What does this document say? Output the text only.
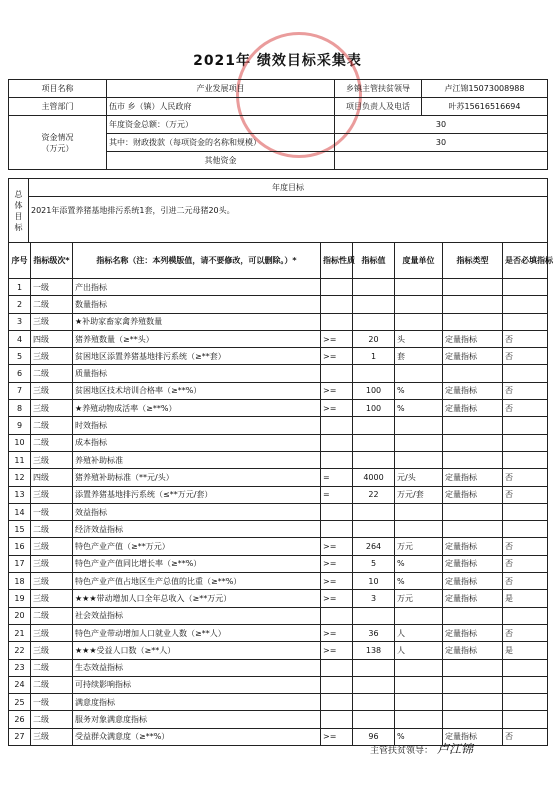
2021年 绩效目标采集表
项目名称	产业发展项目	乡镇主管扶贫领导	卢江锦15073008988
主管部门	伍市 乡（镇）人民政府	项目负责人及电话	叶苏15616516694
资金情况
（万元）	年度资金总额：（万元）	30	
	其中：财政拨款（每项资金的名称和规模）	30	
	其他资金		
总体目标	年度目标
2021年添置养猪基地排污系统1套，引进二元母猪20头。
序号	指标级次*	指标名称（注：本列模版值，请不要修改，可以删除。）*	指标性质	指标值	度量单位	指标类型	是否必填指标
1	一级	产出指标					
2	二级	数量指标					
3	三级	★补助家畜家禽养殖数量					
4	四级	猪养殖数量（≥**头）	>=	20	头	定量指标	否
5	三级	贫困地区添置养猪基地排污系统（≥**套）	>=	1	套	定量指标	否
6	二级	质量指标					
7	三级	贫困地区技术培训合格率（≥**%）	>=	100	%	定量指标	否
8	三级	★养殖动物成活率（≥**%）	>=	100	%	定量指标	否
9	二级	时效指标					
10	二级	成本指标					
11	三级	养殖补助标准					
12	四级	猪养殖补助标准（**元/头）	=	4000	元/头	定量指标	否
13	三级	添置养猪基地排污系统（≤**万元/套）	=	22	万元/套	定量指标	否
14	一级	效益指标					
15	二级	经济效益指标					
16	三级	特色产业产值（≥**万元）	>=	264	万元	定量指标	否
17	三级	特色产业产值同比增长率（≥**%）	>=	5	%	定量指标	否
18	三级	特色产业产值占地区生产总值的比重（≥**%）	>=	10	%	定量指标	否
19	三级	★★★带动增加人口全年总收入（≥**万元）	>=	3	万元	定量指标	是
20	二级	社会效益指标					
21	三级	特色产业带动增加人口就业人数（≥**人）	>=	36	人	定量指标	否
22	三级	★★★受益人口数（≥**人）	>=	138	人	定量指标	是
23	二级	生态效益指标					
24	二级	可持续影响指标					
25	一级	满意度指标					
26	二级	服务对象满意度指标					
27	三级	受益群众满意度（≥**%）	>=	96	%	定量指标	否
主管扶贫领导： 卢江锦
